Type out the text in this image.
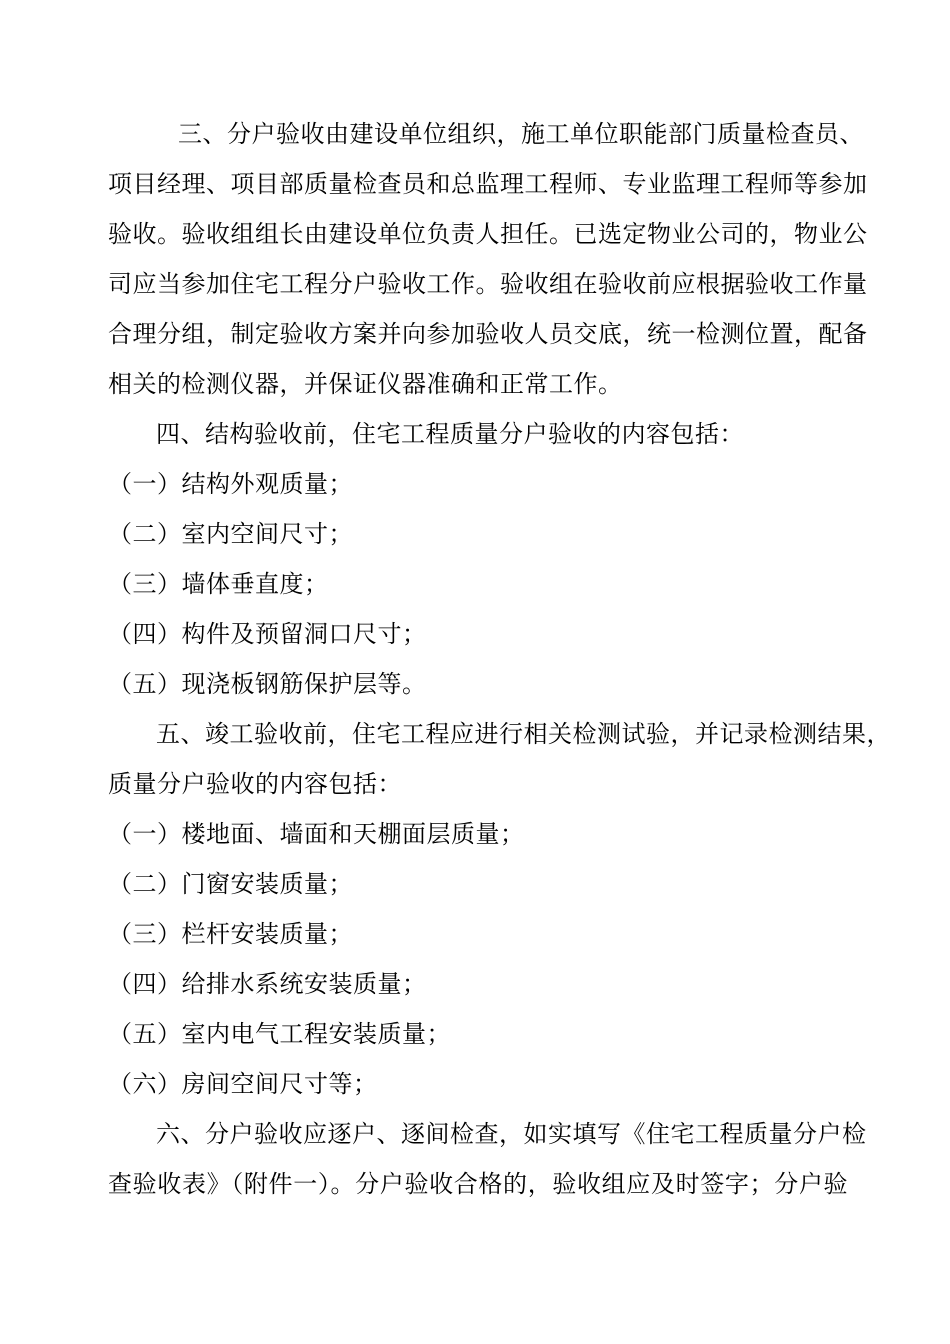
三、分户验收由建设单位组织，施工单位职能部门质量检查员、
项目经理、项目部质量检查员和总监理工程师、专业监理工程师等参加
验收。验收组组长由建设单位负责人担任。已选定物业公司的，物业公
司应当参加住宅工程分户验收工作。验收组在验收前应根据验收工作量
合理分组，制定验收方案并向参加验收人员交底，统一检测位置，配备
相关的检测仪器，并保证仪器准确和正常工作。
四、结构验收前，住宅工程质量分户验收的内容包括：
（一）结构外观质量；
（二）室内空间尺寸；
（三）墙体垂直度；
（四）构件及预留洞口尺寸；
（五）现浇板钢筋保护层等。
五、竣工验收前，住宅工程应进行相关检测试验，并记录检测结果，
质量分户验收的内容包括：
（一）楼地面、墙面和天棚面层质量；
（二）门窗安装质量；
（三）栏杆安装质量；
（四）给排水系统安装质量；
（五）室内电气工程安装质量；
（六）房间空间尺寸等；
六、分户验收应逐户、逐间检查，如实填写《住宅工程质量分户检
查验收表》（附件一）。分户验收合格的，验收组应及时签字；分户验
